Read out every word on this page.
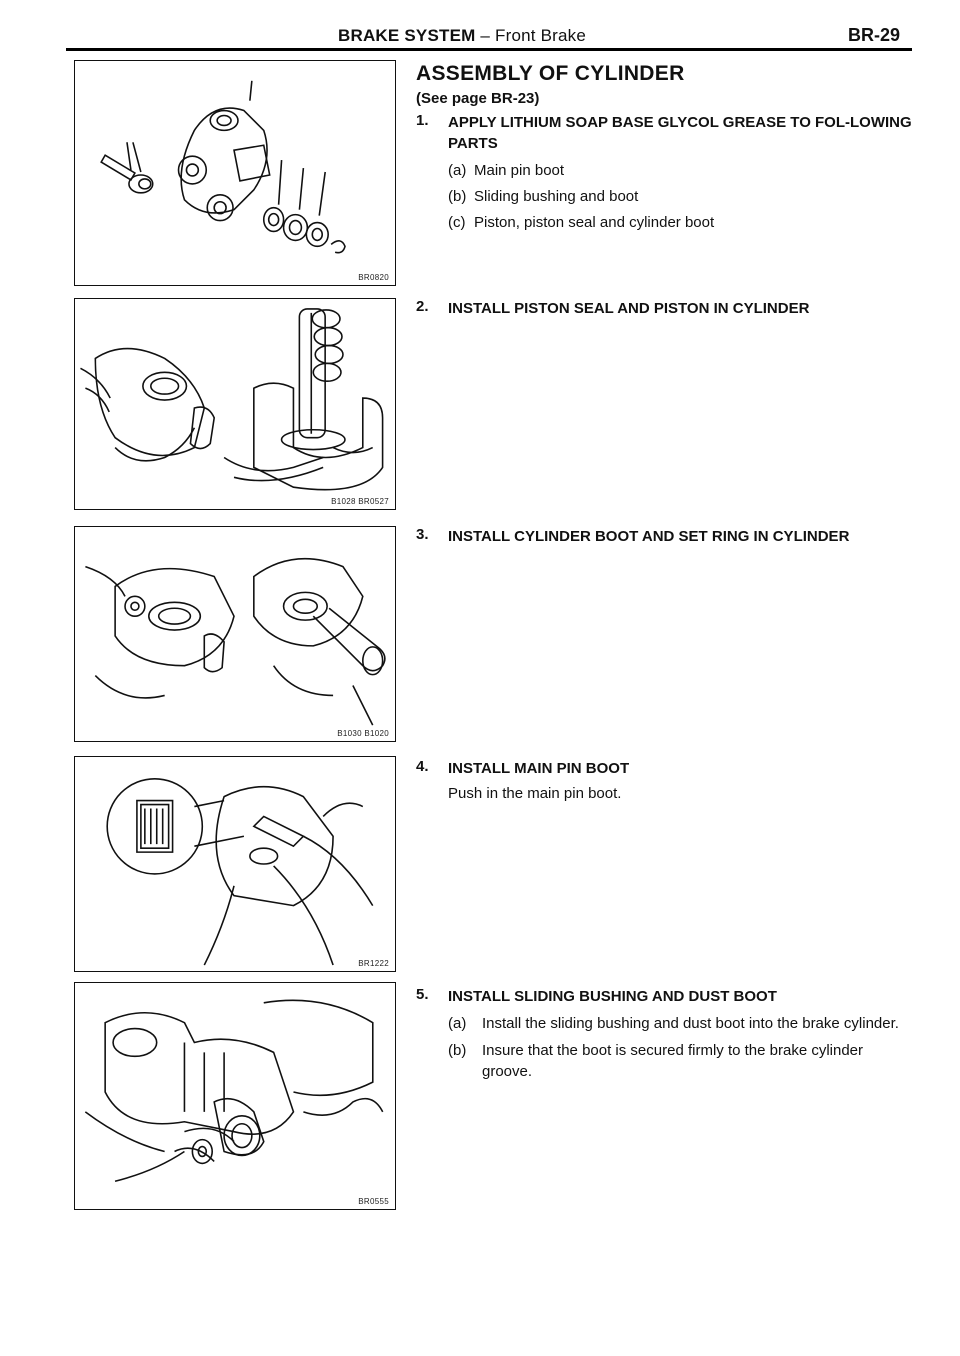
BRAKE SYSTEM – Front Brake	BR-29
BR0820
B1028 BR0527
B1030 B1020
BR1222
BR0555
ASSEMBLY OF CYLINDER
(See page BR-23)
1. APPLY LITHIUM SOAP BASE GLYCOL GREASE TO FOL-LOWING PARTS
(a) Main pin boot
(b) Sliding bushing and boot
(c) Piston, piston seal and cylinder boot
2. INSTALL PISTON SEAL AND PISTON IN CYLINDER
3. INSTALL CYLINDER BOOT AND SET RING IN CYLINDER
4. INSTALL MAIN PIN BOOT
Push in the main pin boot.
5. INSTALL SLIDING BUSHING AND DUST BOOT
(a)	Install the sliding bushing and dust boot into the brake cylinder.
(b)	Insure that the boot is secured firmly to the brake cylinder groove.
